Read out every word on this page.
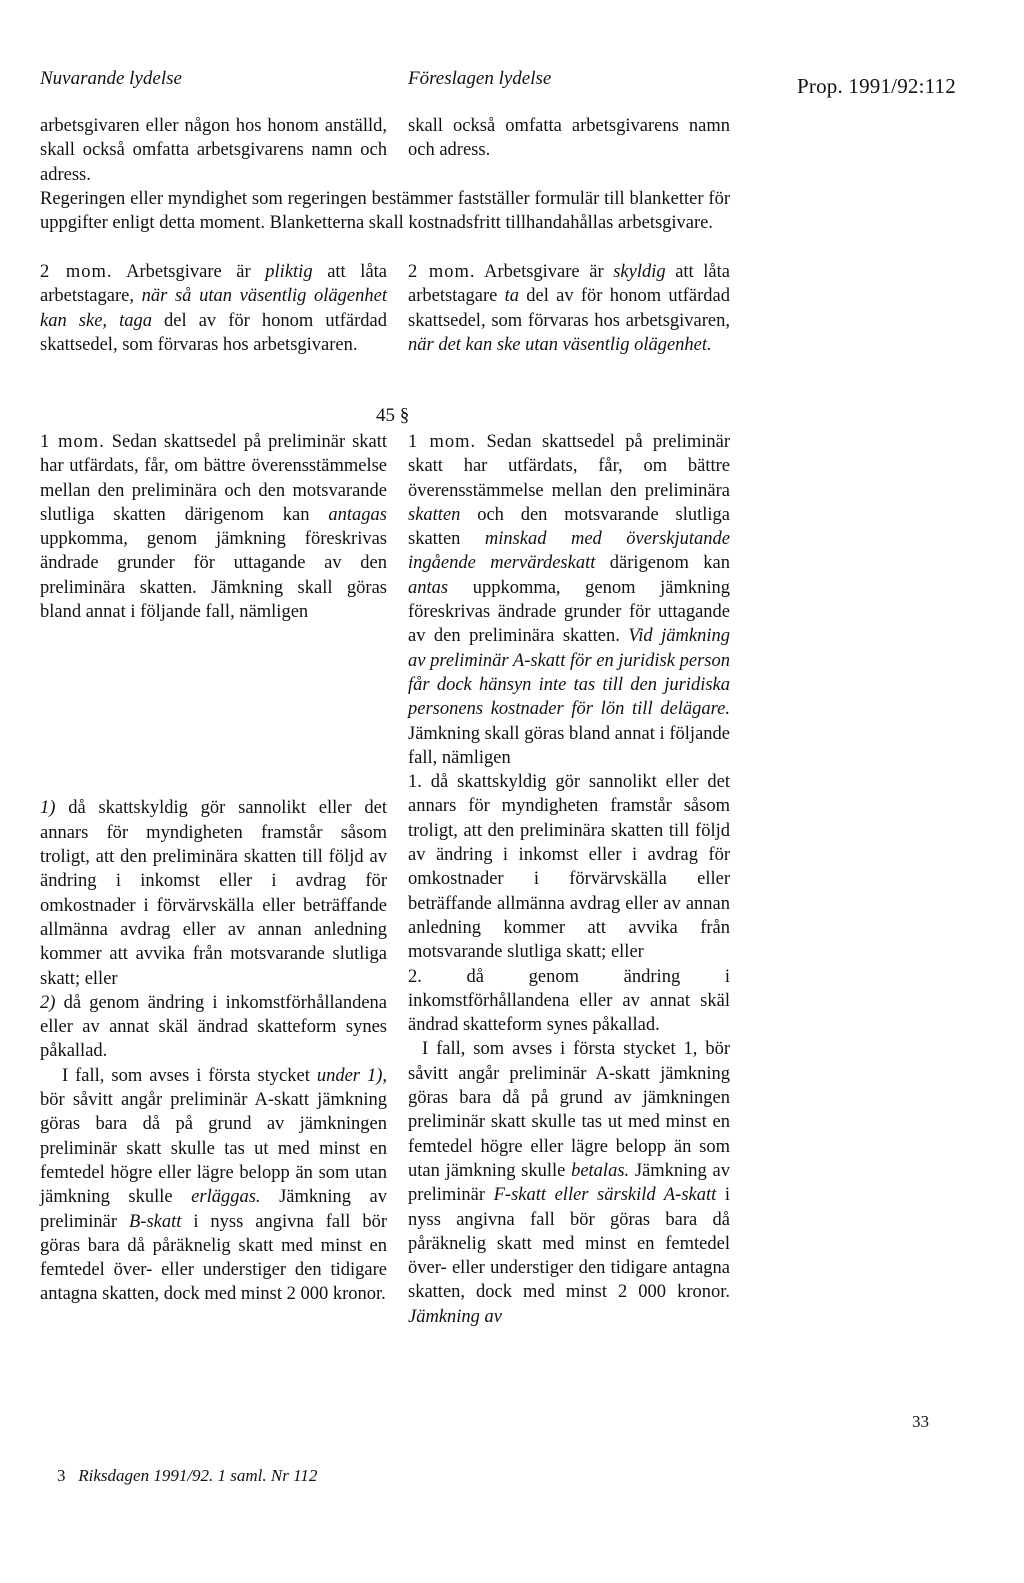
Nuvarande lydelse	Föreslagen lydelse	Prop. 1991/92:112

arbetsgivaren eller någon hos honom anställd, skall också omfatta arbetsgivarens namn och adress.

skall också omfatta arbetsgivarens namn och adress.

Regeringen eller myndighet som regeringen bestämmer fastställer formulär till blanketter för uppgifter enligt detta moment. Blanketterna skall kostnadsfritt tillhandahållas arbetsgivare.

2 mom. Arbetsgivare är pliktig att låta arbetstagare, när så utan väsentlig olägenhet kan ske, taga del av för honom utfärdad skattsedel, som förvaras hos arbetsgivaren.

2 mom. Arbetsgivare är skyldig att låta arbetstagare ta del av för honom utfärdad skattsedel, som förvaras hos arbetsgivaren, när det kan ske utan väsentlig olägenhet.

45 §

1 mom. Sedan skattsedel på preliminär skatt har utfärdats, får, om bättre överensstämmelse mellan den preliminära och den motsvarande slutliga skatten därigenom kan antagas uppkomma, genom jämkning föreskrivas ändrade grunder för uttagande av den preliminära skatten. Jämkning skall göras bland annat i följande fall, nämligen

1) då skattskyldig gör sannolikt eller det annars för myndigheten framstår såsom troligt, att den preliminära skatten till följd av ändring i inkomst eller i avdrag för omkostnader i förvärvskälla eller beträffande allmänna avdrag eller av annan anledning kommer att avvika från motsvarande slutliga skatt; eller

2) då genom ändring i inkomstförhållandena eller av annat skäl ändrad skatteform synes påkallad.

I fall, som avses i första stycket under 1), bör såvitt angår preliminär A-skatt jämkning göras bara då på grund av jämkningen preliminär skatt skulle tas ut med minst en femtedel högre eller lägre belopp än som utan jämkning skulle erläggas. Jämkning av preliminär B-skatt i nyss angivna fall bör göras bara då påräknelig skatt med minst en femtedel över- eller understiger den tidigare antagna skatten, dock med minst 2 000 kronor.

1 mom. Sedan skattsedel på preliminär skatt har utfärdats, får, om bättre överensstämmelse mellan den preliminära skatten och den motsvarande slutliga skatten minskad med överskjutande ingående mervärdeskatt därigenom kan antas uppkomma, genom jämkning föreskrivas ändrade grunder för uttagande av den preliminära skatten. Vid jämkning av preliminär A-skatt för en juridisk person får dock hänsyn inte tas till den juridiska personens kostnader för lön till delägare. Jämkning skall göras bland annat i följande fall, nämligen

1. då skattskyldig gör sannolikt eller det annars för myndigheten framstår såsom troligt, att den preliminära skatten till följd av ändring i inkomst eller i avdrag för omkostnader i förvärvskälla eller beträffande allmänna avdrag eller av annan anledning kommer att avvika från motsvarande slutliga skatt; eller

2. då genom ändring i inkomstförhållandena eller av annat skäl ändrad skatteform synes påkallad.

I fall, som avses i första stycket 1, bör såvitt angår preliminär A-skatt jämkning göras bara då på grund av jämkningen preliminär skatt skulle tas ut med minst en femtedel högre eller lägre belopp än som utan jämkning skulle betalas. Jämkning av preliminär F-skatt eller särskild A-skatt i nyss angivna fall bör göras bara då påräknelig skatt med minst en femtedel över- eller understiger den tidigare antagna skatten, dock med minst 2 000 kronor. Jämkning av

33
3 Riksdagen 1991/92. 1 saml. Nr 112
